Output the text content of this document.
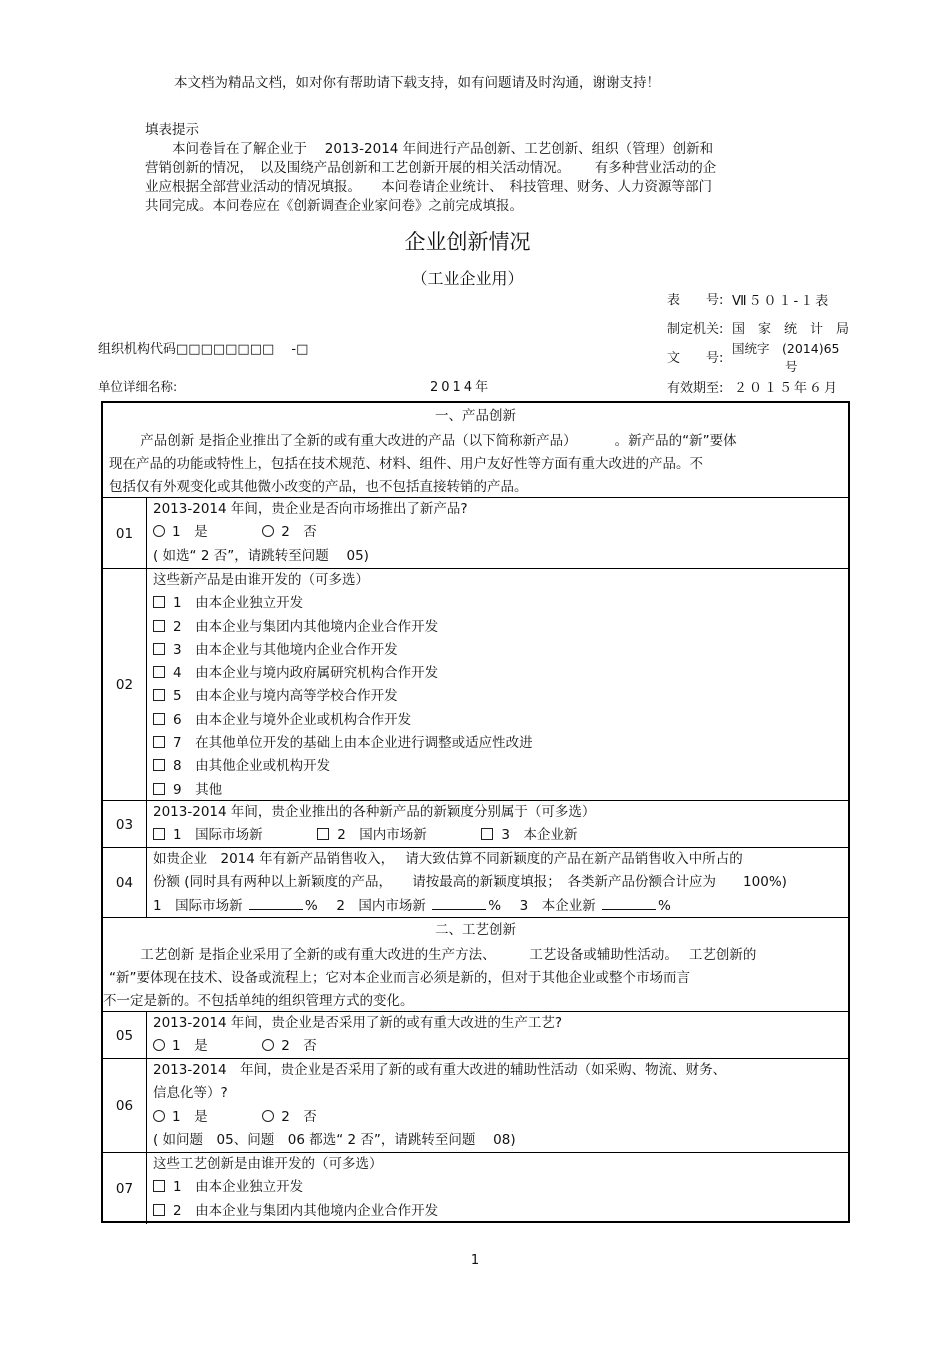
本文档为精品文档，如对你有帮助请下载支持，如有问题请及时沟通，谢谢支持！
填表提示
　　本问卷旨在了解企业于　 2013-2014 年间进行产品创新、工艺创新、组织（管理）创新和
营销创新的情况，　以及围绕产品创新和工艺创新开展的相关活动情况。　　 有多种营业活动的企
业应根据全部营业活动的情况填报。　　本问卷请企业统计、　科技管理、财务、人力资源等部门
共同完成。本问卷应在《创新调查企业家问卷》之前完成填报。
企业创新情况
（工业企业用）
表　　号: Ⅶ５０１-１表
制定机关: 国　家　统　计　局
文　　号:
国统字　(2014)65
号
有效期至: ２０１５年６月
组织机构代码□□□□□□□□　 -□
单位详细名称:	2014年
一、产品创新
　　 产品创新 是指企业推出了全新的或有重大改进的产品（以下简称新产品）　　　 。新产品的“新”要体
现在产品的功能或特性上，包括在技术规范、材料、组件、用户友好性等方面有重大改进的产品。不
包括仅有外观变化或其他微小改变的产品，也不包括直接转销的产品。
01
2013-2014 年间，贵企业是否向市场推出了新产品?
1　是	2　否
( 如选“ 2 否”，请跳转至问题　 05)
02
这些新产品是由谁开发的（可多选）
1　由本企业独立开发
2　由本企业与集团内其他境内企业合作开发
3　由本企业与其他境内企业合作开发
4　由本企业与境内政府属研究机构合作开发
5　由本企业与境内高等学校合作开发
6　由本企业与境外企业或机构合作开发
7　在其他单位开发的基础上由本企业进行调整或适应性改进
8　由其他企业或机构开发
9　其他
03
2013-2014 年间，贵企业推出的各种新产品的新颖度分别属于（可多选）
1　国际市场新	2　国内市场新	3　本企业新
04
如贵企业　2014 年有新产品销售收入，　 请大致估算不同新颖度的产品在新产品销售收入中所占的
份额 (同时具有两种以上新颖度的产品，　　请按最高的新颖度填报；　各类新产品份额合计应为　　100%)
1　国际市场新	% 2　国内市场新	% 3　本企业新	%
二、工艺创新
　　 工艺创新 是指企业采用了全新的或有重大改进的生产方法、　　　工艺设备或辅助性活动。　 工艺创新的
“新”要体现在技术、设备或流程上；它对本企业而言必须是新的，但对于其他企业或整个市场而言
不一定是新的。不包括单纯的组织管理方式的变化。
05
2013-2014 年间，贵企业是否采用了新的或有重大改进的生产工艺?
1　是	2　否
06
2013-2014　年间，贵企业是否采用了新的或有重大改进的辅助性活动（如采购、物流、财务、
信息化等）?
1　是	2　否
( 如问题　05、问题　06 都选“ 2 否”，请跳转至问题　 08)
07
这些工艺创新是由谁开发的（可多选）
1　由本企业独立开发
2　由本企业与集团内其他境内企业合作开发
1
